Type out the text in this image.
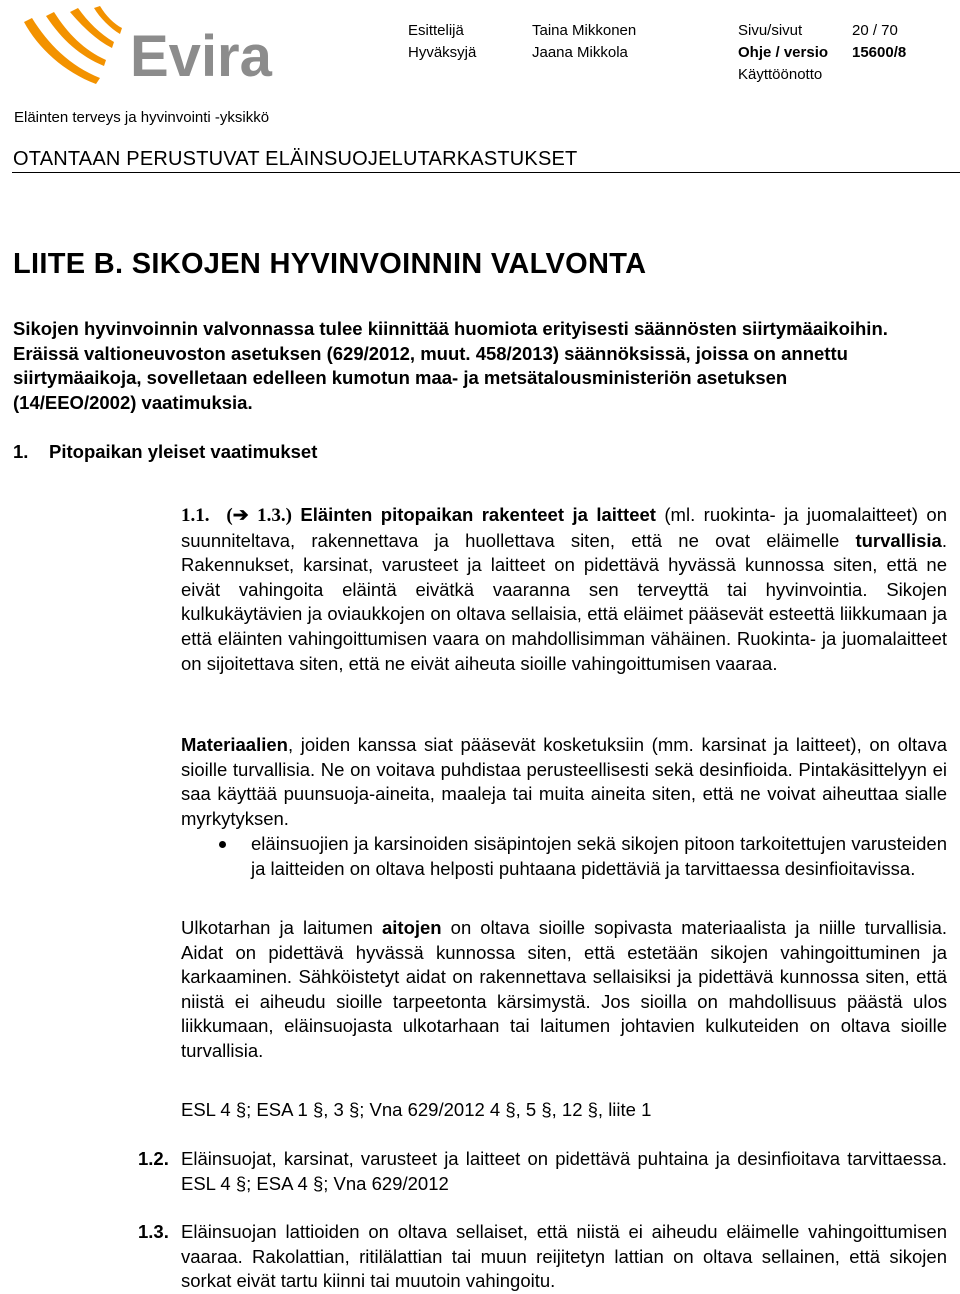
Evira	Esittelijä	Taina Mikkonen	Sivu/sivut	20 / 70
Hyväksyjä	Jaana Mikkola	Ohje / versio 15600/8
Käyttöönotto
Eläinten terveys ja hyvinvointi -yksikkö
OTANTAAN PERUSTUVAT ELÄINSUOJELUTARKASTUKSET
LIITE B. SIKOJEN HYVINVOINNIN VALVONTA

Sikojen hyvinvoinnin valvonnassa tulee kiinnittää huomiota erityisesti säännösten siirtymäaikoihin. Eräissä valtioneuvoston asetuksen (629/2012, muut. 458/2013) säännöksissä, joissa on annettu siirtymäaikoja, sovelletaan edelleen kumotun maa- ja metsätalousministeriön asetuksen (14/EEO/2002) vaatimuksia.

1. Pitopaikan yleiset vaatimukset

1.1. (➔ 1.3.) Eläinten pitopaikan rakenteet ja laitteet (ml. ruokinta- ja juomalaitteet) on suunniteltava, rakennettava ja huollettava siten, että ne ovat eläimelle turvallisia. Rakennukset, karsinat, varusteet ja laitteet on pidettävä hyvässä kunnossa siten, että ne eivät vahingoita eläintä eivätkä vaaranna sen terveyttä tai hyvinvointia. Sikojen kulkukäytävien ja oviaukkojen on oltava sellaisia, että eläimet pääsevät esteettä liikkumaan ja että eläinten vahingoittumisen vaara on mahdollisimman vähäinen. Ruokinta- ja juomalaitteet on sijoitettava siten, että ne eivät aiheuta sioille vahingoittumisen vaaraa.

Materiaalien, joiden kanssa siat pääsevät kosketuksiin (mm. karsinat ja laitteet), on oltava sioille turvallisia. Ne on voitava puhdistaa perusteellisesti sekä desinfioida. Pintakäsittelyyn ei saa käyttää puunsuoja-aineita, maaleja tai muita aineita siten, että ne voivat aiheuttaa sialle myrkytyksen.

eläinsuojien ja karsinoiden sisäpintojen sekä sikojen pitoon tarkoitettujen varusteiden ja laitteiden on oltava helposti puhtaana pidettäviä ja tarvittaessa desinfioitavissa.

Ulkotarhan ja laitumen aitojen on oltava sioille sopivasta materiaalista ja niille turvallisia. Aidat on pidettävä hyvässä kunnossa siten, että estetään sikojen vahingoittuminen ja karkaaminen. Sähköistetyt aidat on rakennettava sellaisiksi ja pidettävä kunnossa siten, että niistä ei aiheudu sioille tarpeetonta kärsimystä. Jos sioilla on mahdollisuus päästä ulos liikkumaan, eläinsuojasta ulkotarhaan tai laitumen johtavien kulkuteiden on oltava sioille turvallisia.

ESL 4 §; ESA 1 §, 3 §; Vna 629/2012 4 §, 5 §, 12 §, liite 1

1.2. Eläinsuojat, karsinat, varusteet ja laitteet on pidettävä puhtaina ja desinfioitava tarvittaessa. ESL 4 §; ESA 4 §; Vna 629/2012

1.3. Eläinsuojan lattioiden on oltava sellaiset, että niistä ei aiheudu eläimelle vahingoittumisen vaaraa. Rakolattian, ritilälattian tai muun reijitetyn lattian on oltava sellainen, että sikojen sorkat eivät tartu kiinni tai muutoin vahingoitu.
